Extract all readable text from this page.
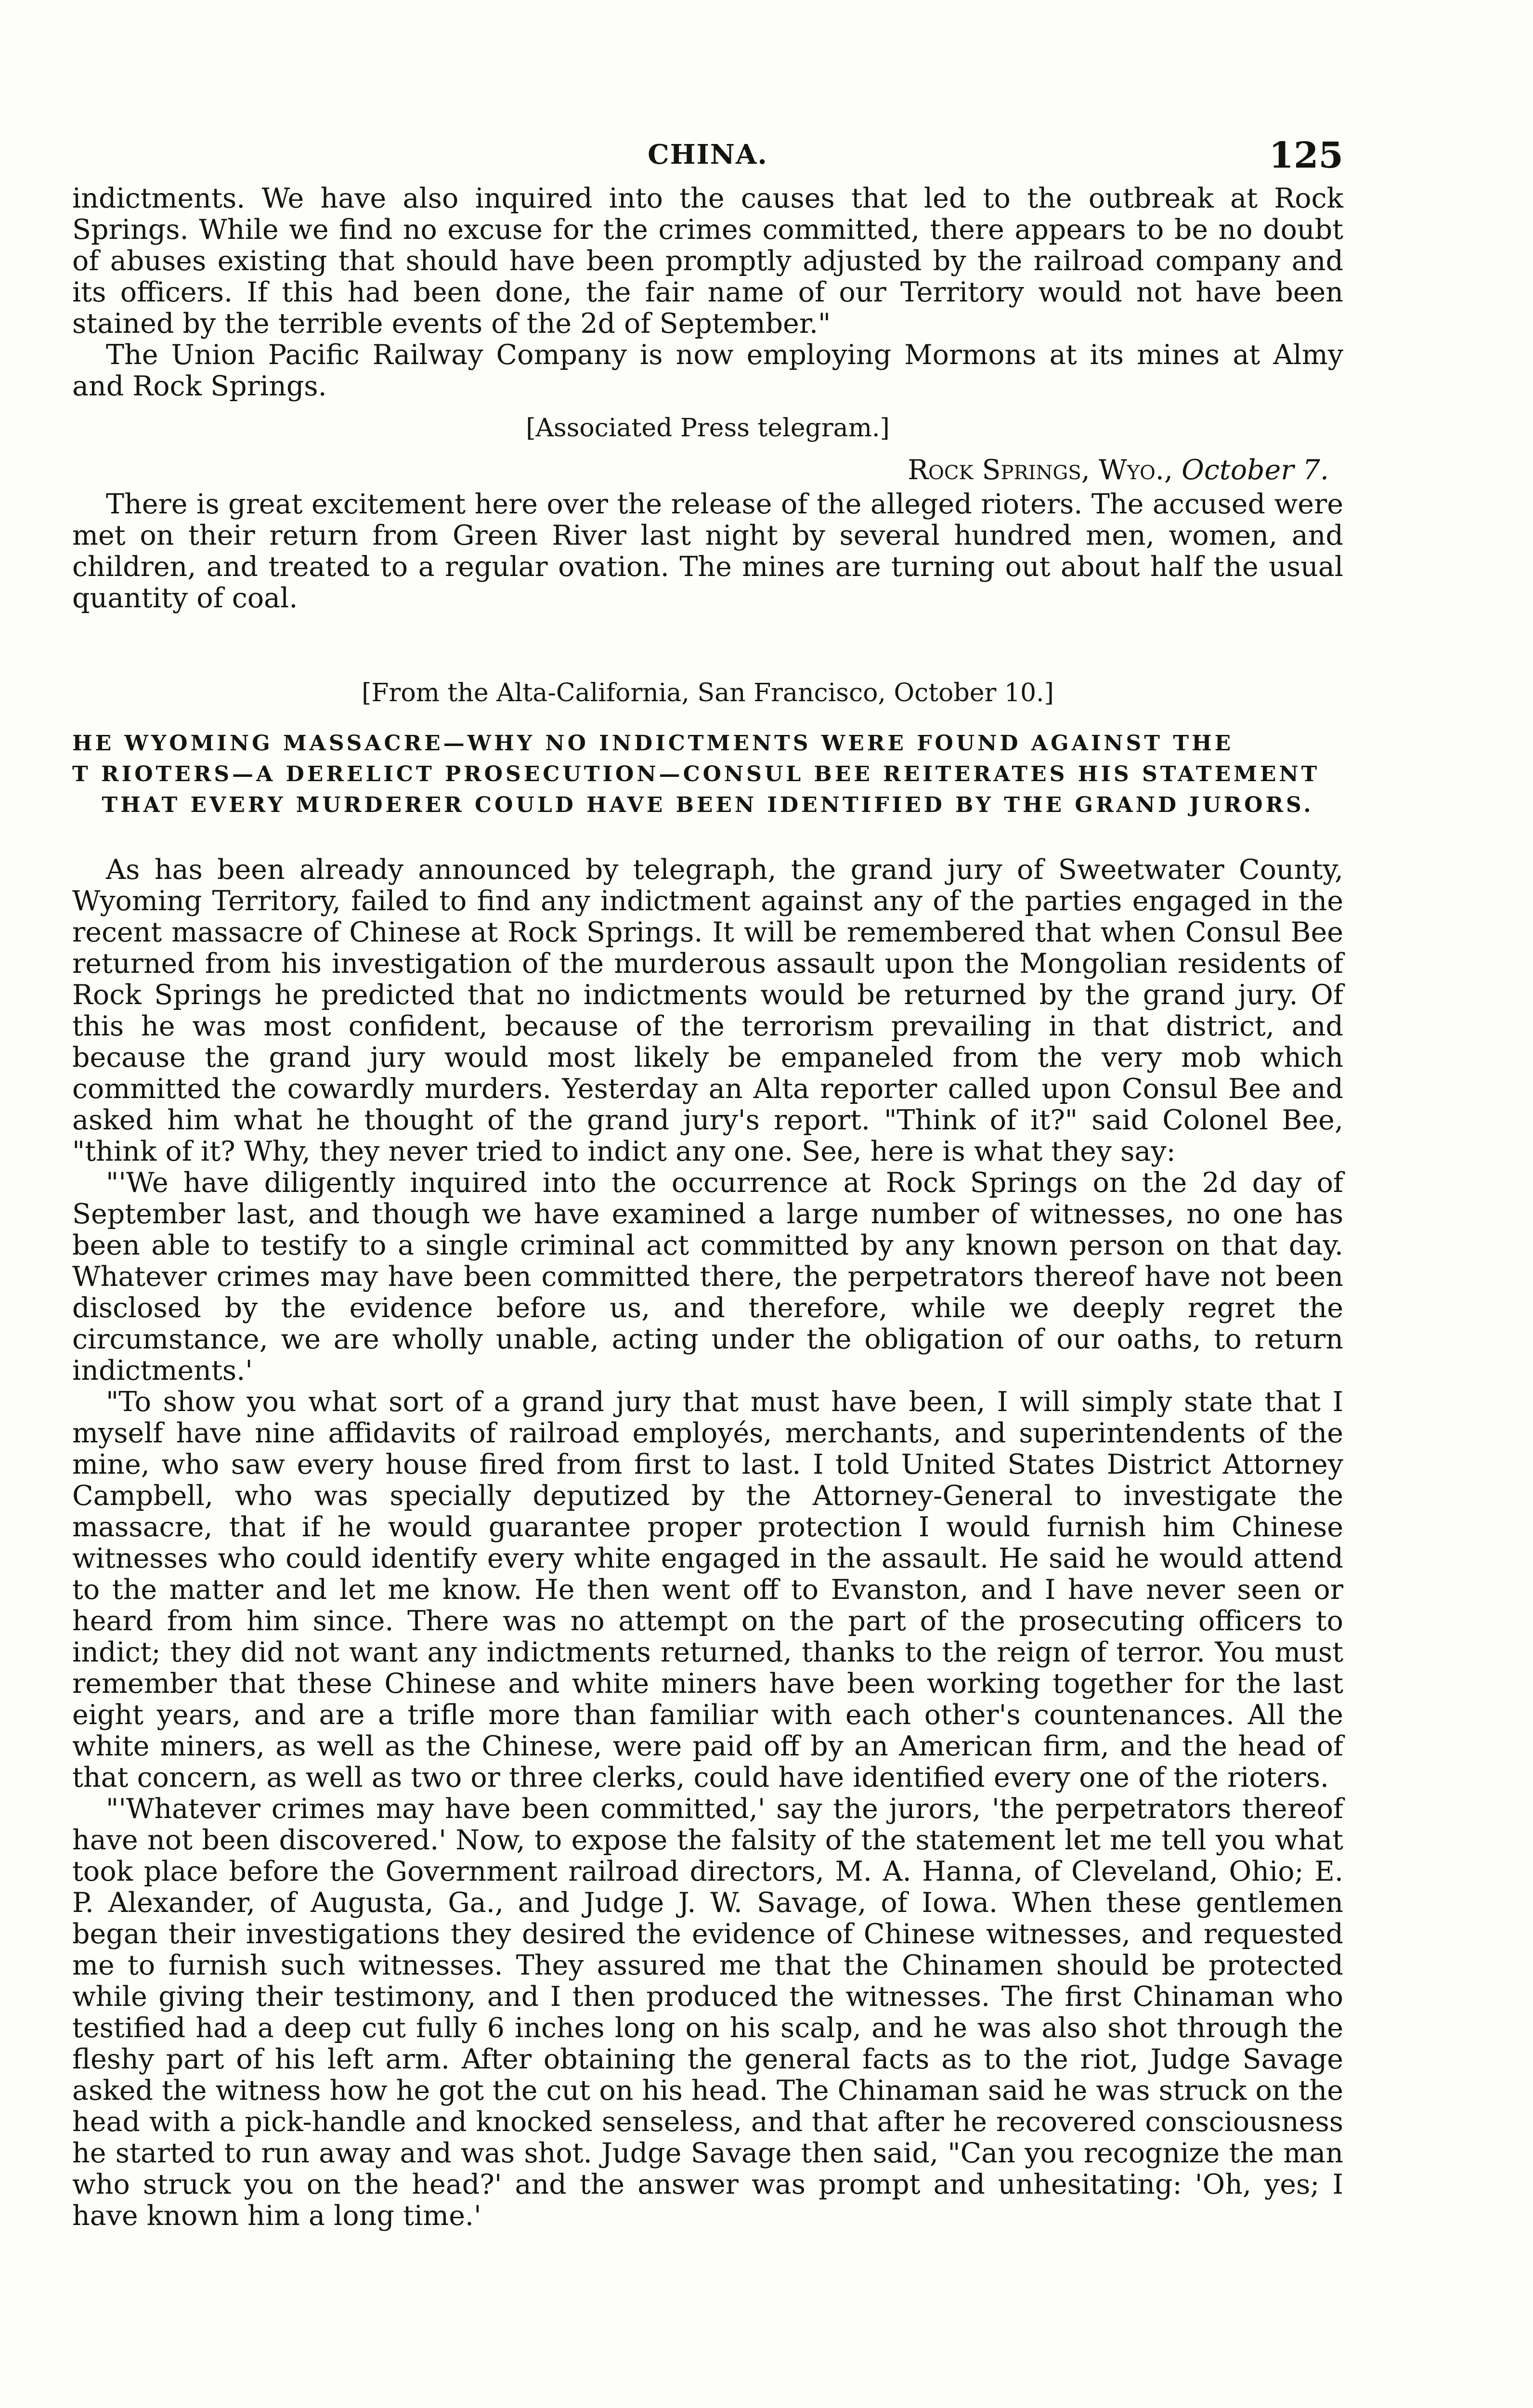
CHINA.	125

indictments. We have also inquired into the causes that led to the outbreak at Rock Springs. While we find no excuse for the crimes committed, there appears to be no doubt of abuses existing that should have been promptly adjusted by the railroad company and its officers. If this had been done, the fair name of our Territory would not have been stained by the terrible events of the 2d of September."

The Union Pacific Railway Company is now employing Mormons at its mines at Almy and Rock Springs.

[Associated Press telegram.]
Rock Springs, Wyo., October 7.

There is great excitement here over the release of the alleged rioters. The accused were met on their return from Green River last night by several hundred men, women, and children, and treated to a regular ovation. The mines are turning out about half the usual quantity of coal.

[From the Alta-California, San Francisco, October 10.]
HE WYOMING MASSACRE—WHY NO INDICTMENTS WERE FOUND AGAINST THE
T RIOTERS—A DERELICT PROSECUTION—CONSUL BEE REITERATES HIS STATEMENT
THAT EVERY MURDERER COULD HAVE BEEN IDENTIFIED BY THE GRAND JURORS.

As has been already announced by telegraph, the grand jury of Sweetwater County, Wyoming Territory, failed to find any indictment against any of the parties engaged in the recent massacre of Chinese at Rock Springs. It will be remembered that when Consul Bee returned from his investigation of the murderous assault upon the Mongolian residents of Rock Springs he predicted that no indictments would be returned by the grand jury. Of this he was most confident, because of the terrorism prevailing in that district, and because the grand jury would most likely be empaneled from the very mob which committed the cowardly murders. Yesterday an Alta reporter called upon Consul Bee and asked him what he thought of the grand jury's report. "Think of it?" said Colonel Bee, "think of it? Why, they never tried to indict any one. See, here is what they say:

"'We have diligently inquired into the occurrence at Rock Springs on the 2d day of September last, and though we have examined a large number of witnesses, no one has been able to testify to a single criminal act committed by any known person on that day. Whatever crimes may have been committed there, the perpetrators thereof have not been disclosed by the evidence before us, and therefore, while we deeply regret the circumstance, we are wholly unable, acting under the obligation of our oaths, to return indictments.'

"To show you what sort of a grand jury that must have been, I will simply state that I myself have nine affidavits of railroad employés, merchants, and superintendents of the mine, who saw every house fired from first to last. I told United States District Attorney Campbell, who was specially deputized by the Attorney-General to investigate the massacre, that if he would guarantee proper protection I would furnish him Chinese witnesses who could identify every white engaged in the assault. He said he would attend to the matter and let me know. He then went off to Evanston, and I have never seen or heard from him since. There was no attempt on the part of the prosecuting officers to indict; they did not want any indictments returned, thanks to the reign of terror. You must remember that these Chinese and white miners have been working together for the last eight years, and are a trifle more than familiar with each other's countenances. All the white miners, as well as the Chinese, were paid off by an American firm, and the head of that concern, as well as two or three clerks, could have identified every one of the rioters.

"'Whatever crimes may have been committed,' say the jurors, 'the perpetrators thereof have not been discovered.' Now, to expose the falsity of the statement let me tell you what took place before the Government railroad directors, M. A. Hanna, of Cleveland, Ohio; E. P. Alexander, of Augusta, Ga., and Judge J. W. Savage, of Iowa. When these gentlemen began their investigations they desired the evidence of Chinese witnesses, and requested me to furnish such witnesses. They assured me that the Chinamen should be protected while giving their testimony, and I then produced the witnesses. The first Chinaman who testified had a deep cut fully 6 inches long on his scalp, and he was also shot through the fleshy part of his left arm. After obtaining the general facts as to the riot, Judge Savage asked the witness how he got the cut on his head. The Chinaman said he was struck on the head with a pick-handle and knocked senseless, and that after he recovered consciousness he started to run away and was shot. Judge Savage then said, "Can you recognize the man who struck you on the head?' and the answer was prompt and unhesitating: 'Oh, yes; I have known him a long time.'
